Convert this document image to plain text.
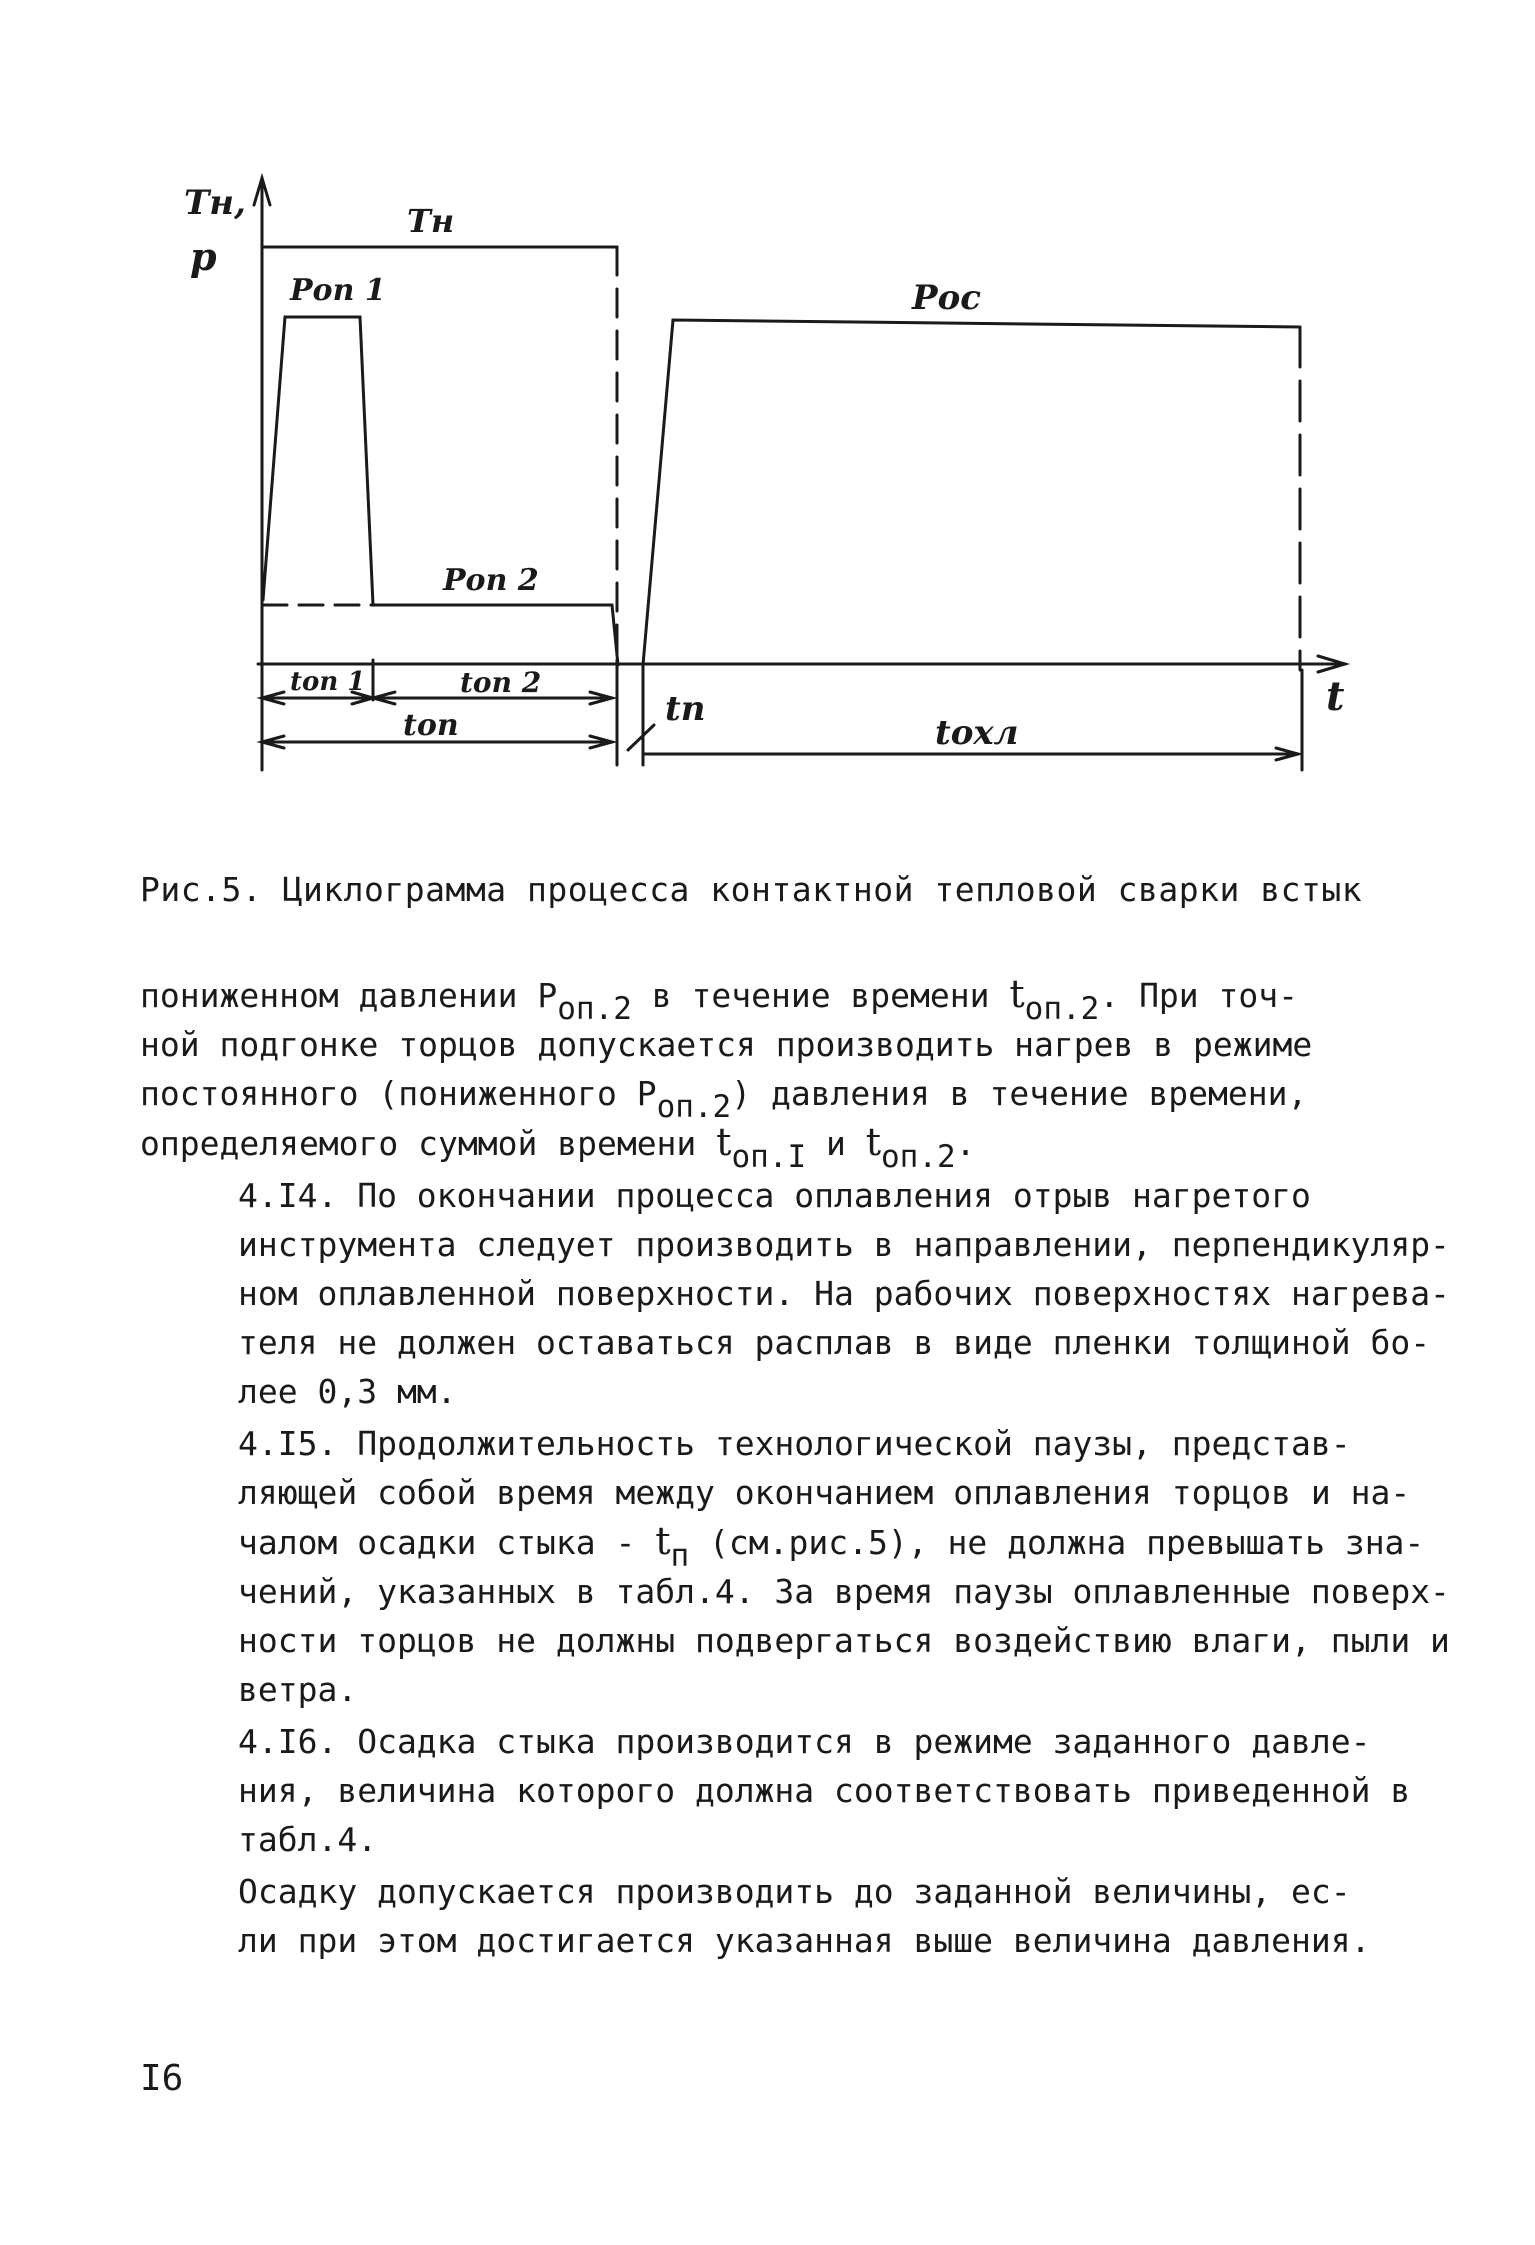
Tн,
p
Tн
Pоп 1
Pоп 2
Pос
tоп 1	tоп 2
tоп	tп
tохл
t
Рис.5. Циклограмма процесса контактной тепловой сварки встык

пониженном давлении $Р_{оп.2}$ в течение времени $t_{оп.2}$. При точ-
ной подгонке торцов допускается производить нагрев в режиме
постоянного (пониженного $Р_{оп.2}$) давления в течение времени,
определяемого суммой времени $t_{оп.I}$ и $t_{оп.2}$.

4.I4. По окончании процесса оплавления отрыв нагретого
инструмента следует производить в направлении, перпендикуляр-
ном оплавленной поверхности. На рабочих поверхностях нагрева-
теля не должен оставаться расплав в виде пленки толщиной бо-
лее 0,3 мм.

4.I5. Продолжительность технологической паузы, представ-
ляющей собой время между окончанием оплавления торцов и на-
чалом осадки стыка - $t_п$ (см.рис.5), не должна превышать зна-
чений, указанных в табл.4. За время паузы оплавленные поверх-
ности торцов не должны подвергаться воздействию влаги, пыли и
ветра.

4.I6. Осадка стыка производится в режиме заданного давле-
ния, величина которого должна соответствовать приведенной в
табл.4.

Осадку допускается производить до заданной величины, ес-
ли при этом достигается указанная выше величина давления.

I6
